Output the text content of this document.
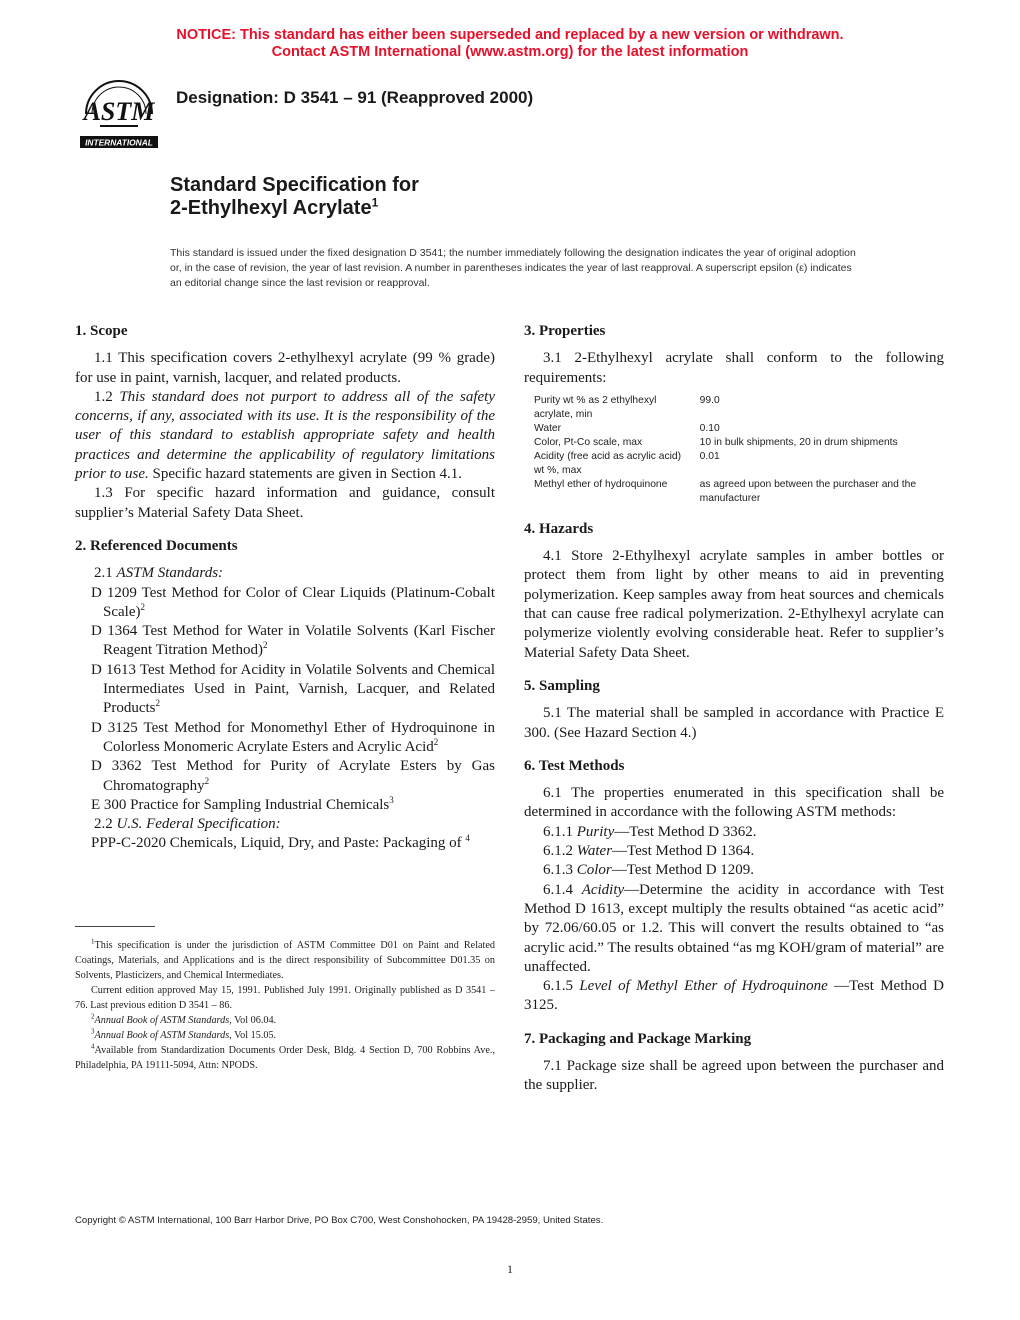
NOTICE: This standard has either been superseded and replaced by a new version or withdrawn.
Contact ASTM International (www.astm.org) for the latest information
ASTM
INTERNATIONAL
Designation: D 3541 – 91 (Reapproved 2000)
Standard Specification for
2-Ethylhexyl Acrylate$^1$
This standard is issued under the fixed designation D 3541; the number immediately following the designation indicates the year of original adoption or, in the case of revision, the year of last revision. A number in parentheses indicates the year of last reapproval. A superscript epsilon (ε) indicates an editorial change since the last revision or reapproval.
1. Scope

1.1 This specification covers 2-ethylhexyl acrylate (99 % grade) for use in paint, varnish, lacquer, and related products.

1.2 This standard does not purport to address all of the safety concerns, if any, associated with its use. It is the responsibility of the user of this standard to establish appropriate safety and health practices and determine the applicability of regulatory limitations prior to use. Specific hazard statements are given in Section 4.1.

1.3 For specific hazard information and guidance, consult supplier’s Material Safety Data Sheet.

2. Referenced Documents

2.1 ASTM Standards:

D 1209 Test Method for Color of Clear Liquids (Platinum-Cobalt Scale)$^2$

D 1364 Test Method for Water in Volatile Solvents (Karl Fischer Reagent Titration Method)$^2$

D 1613 Test Method for Acidity in Volatile Solvents and Chemical Intermediates Used in Paint, Varnish, Lacquer, and Related Products$^2$

D 3125 Test Method for Monomethyl Ether of Hydroquinone in Colorless Monomeric Acrylate Esters and Acrylic Acid$^2$

D 3362 Test Method for Purity of Acrylate Esters by Gas Chromatography$^2$

E 300 Practice for Sampling Industrial Chemicals$^3$

2.2 U.S. Federal Specification:

PPP-C-2020 Chemicals, Liquid, Dry, and Paste: Packaging of $^4$

$^1$This specification is under the jurisdiction of ASTM Committee D01 on Paint and Related Coatings, Materials, and Applications and is the direct responsibility of Subcommittee D01.35 on Solvents, Plasticizers, and Chemical Intermediates.

Current edition approved May 15, 1991. Published July 1991. Originally published as D 3541 – 76. Last previous edition D 3541 – 86.

$^2$Annual Book of ASTM Standards, Vol 06.04.

$^3$Annual Book of ASTM Standards, Vol 15.05.

$^4$Available from Standardization Documents Order Desk, Bldg. 4 Section D, 700 Robbins Ave., Philadelphia, PA 19111-5094, Attn: NPODS.

3. Properties

3.1 2-Ethylhexyl acrylate shall conform to the following requirements:

Purity wt % as 2 ethylhexyl acrylate, min	99.0
Water	0.10
Color, Pt-Co scale, max	10 in bulk shipments, 20 in drum shipments
Acidity (free acid as acrylic acid) wt %, max	0.01
Methyl ether of hydroquinone	as agreed upon between the purchaser and the manufacturer
4. Hazards

4.1 Store 2-Ethylhexyl acrylate samples in amber bottles or protect them from light by other means to aid in preventing polymerization. Keep samples away from heat sources and chemicals that can cause free radical polymerization. 2-Ethylhexyl acrylate can polymerize violently evolving considerable heat. Refer to supplier’s Material Safety Data Sheet.

5. Sampling

5.1 The material shall be sampled in accordance with Practice E 300. (See Hazard Section 4.)

6. Test Methods

6.1 The properties enumerated in this specification shall be determined in accordance with the following ASTM methods:

6.1.1 Purity—Test Method D 3362.

6.1.2 Water—Test Method D 1364.

6.1.3 Color—Test Method D 1209.

6.1.4 Acidity—Determine the acidity in accordance with Test Method D 1613, except multiply the results obtained “as acetic acid” by 72.06/60.05 or 1.2. This will convert the results obtained to “as acrylic acid.” The results obtained “as mg KOH/gram of material” are unaffected.

6.1.5 Level of Methyl Ether of Hydroquinone —Test Method D 3125.

7. Packaging and Package Marking

7.1 Package size shall be agreed upon between the purchaser and the supplier.

Copyright © ASTM International, 100 Barr Harbor Drive, PO Box C700, West Conshohocken, PA 19428-2959, United States.
1
